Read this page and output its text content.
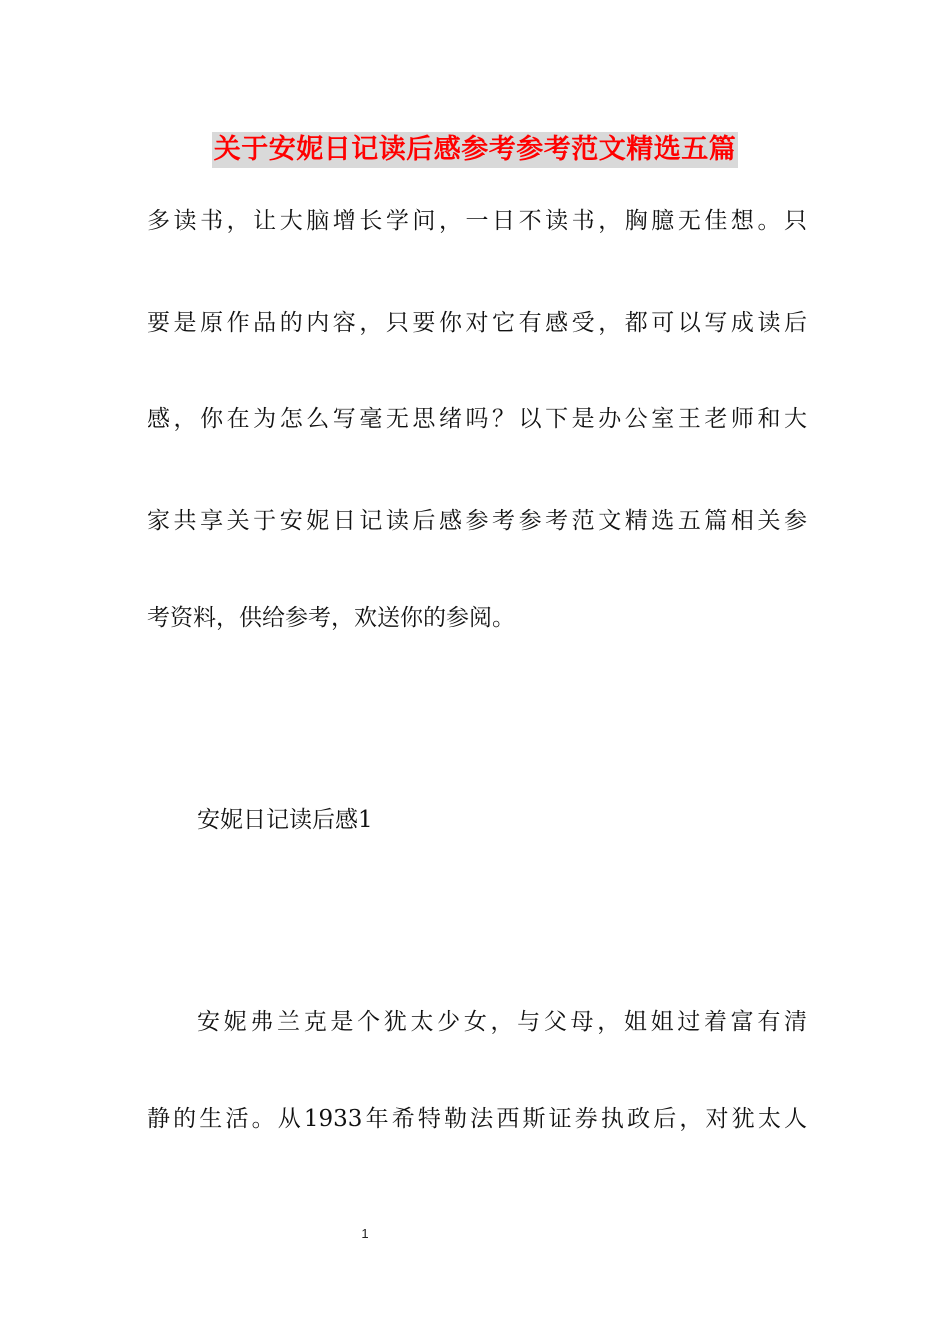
关于安妮日记读后感参考参考范文精选五篇
多读书，让大脑增长学问，一日不读书，胸臆无佳想。只
要是原作品的内容，只要你对它有感受，都可以写成读后
感，你在为怎么写毫无思绪吗？以下是办公室王老师和大
家共享关于安妮日记读后感参考参考范文精选五篇相关参
考资料，供给参考，欢送你的参阅。
安妮日记读后感1
安妮弗兰克是个犹太少女，与父母，姐姐过着富有清
静的生活。从1933年希特勒法西斯证券执政后，对犹太人
1
